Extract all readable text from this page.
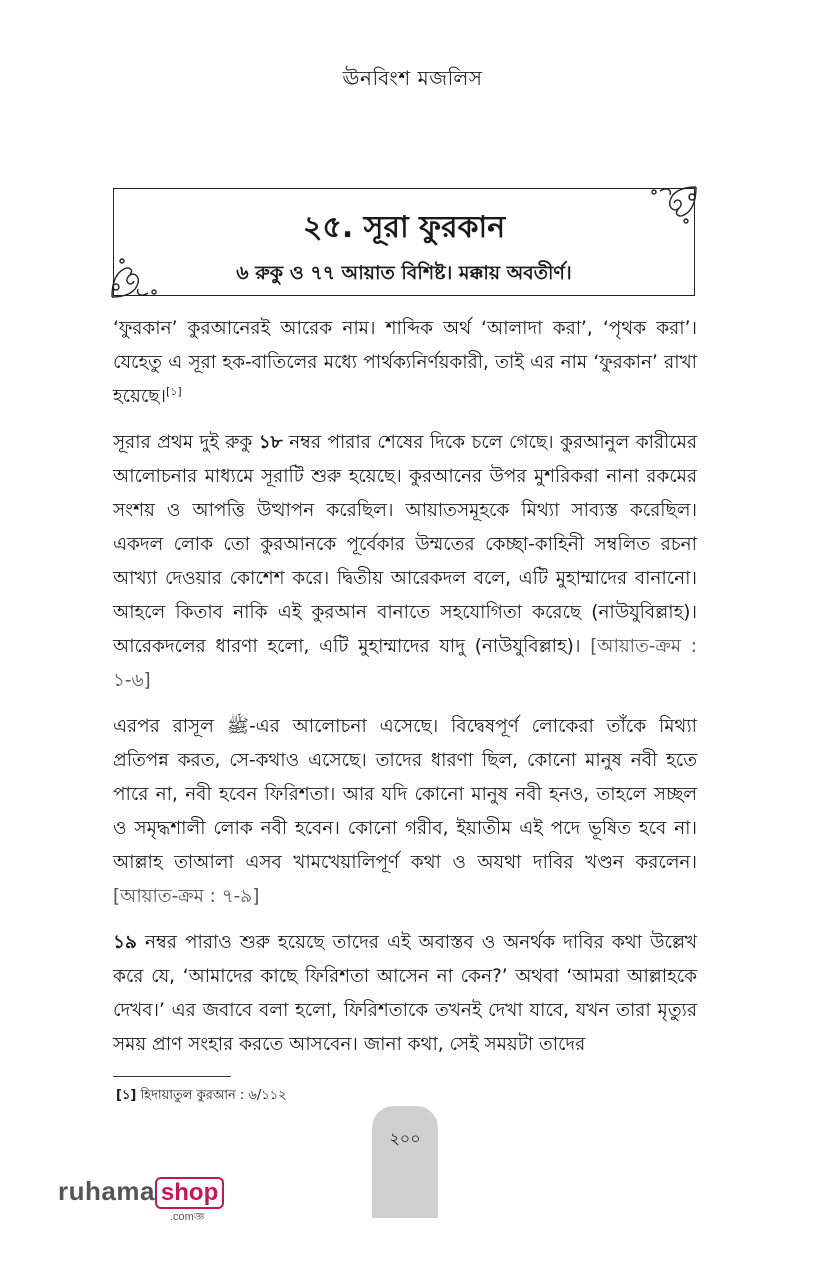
ঊনবিংশ মজলিস
২৫. সূরা ফুরকান
৬ রুকু ও ৭৭ আয়াত বিশিষ্ট। মক্কায় অবতীর্ণ।

‘ফুরকান’ কুরআনেরই আরেক নাম। শাব্দিক অর্থ ‘আলাদা করা’, ‘পৃথক করা’। যেহেতু এ সূরা হক-বাতিলের মধ্যে পার্থক্যনির্ণয়কারী, তাই এর নাম ‘ফুরকান’ রাখা হয়েছে।[১]

সূরার প্রথম দুই রুকু ১৮ নম্বর পারার শেষের দিকে চলে গেছে। কুরআনুল কারীমের আলোচনার মাধ্যমে সূরাটি শুরু হয়েছে। কুরআনের উপর মুশরিকরা নানা রকমের সংশয় ও আপত্তি উত্থাপন করেছিল। আয়াতসমূহকে মিথ্যা সাব্যস্ত করেছিল। একদল লোক তো কুরআনকে পূর্বেকার উম্মতের কেচ্ছা-কাহিনী সম্বলিত রচনা আখ্যা দেওয়ার কোশেশ করে। দ্বিতীয় আরেকদল বলে, এটি মুহাম্মাদের বানানো। আহলে কিতাব নাকি এই কুরআন বানাতে সহযোগিতা করেছে (নাউযুবিল্লাহ)। আরেকদলের ধারণা হলো, এটি মুহাম্মাদের যাদু (নাউযুবিল্লাহ)। [আয়াত-ক্রম : ১-৬]

এরপর রাসূল ﷺ-এর আলোচনা এসেছে। বিদ্বেষপূর্ণ লোকেরা তাঁকে মিথ্যা প্রতিপন্ন করত, সে-কথাও এসেছে। তাদের ধারণা ছিল, কোনো মানুষ নবী হতে পারে না, নবী হবেন ফিরিশতা। আর যদি কোনো মানুষ নবী হনও, তাহলে সচ্ছল ও সমৃদ্ধশালী লোক নবী হবেন। কোনো গরীব, ইয়াতীম এই পদে ভূষিত হবে না। আল্লাহ তাআলা এসব খামখেয়ালিপূর্ণ কথা ও অযথা দাবির খণ্ডন করলেন। [আয়াত-ক্রম : ৭-৯]

১৯ নম্বর পারাও শুরু হয়েছে তাদের এই অবাস্তব ও অনর্থক দাবির কথা উল্লেখ করে যে, ‘আমাদের কাছে ফিরিশতা আসেন না কেন?’ অথবা ‘আমরা আল্লাহকে দেখব।’ এর জবাবে বলা হলো, ফিরিশতাকে তখনই দেখা যাবে, যখন তারা মৃত্যুর সময় প্রাণ সংহার করতে আসবেন। জানা কথা, সেই সময়টা তাদের

[১] হিদায়াতুল কুরআন : ৬/১১২
২০০
ruhama shop
.comজ্ঞ
